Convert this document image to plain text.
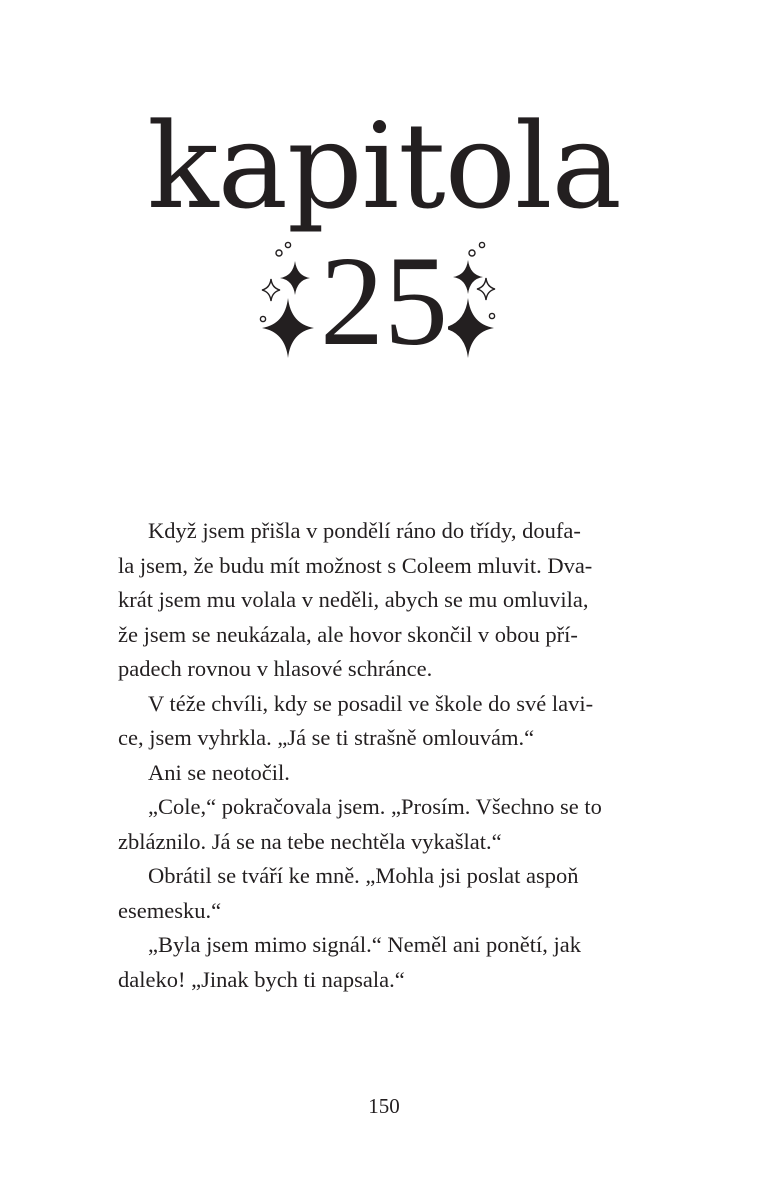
kapitola
25
Když jsem přišla v pondělí ráno do třídy, doufa-
la jsem, že budu mít možnost s Coleem mluvit. Dva-
krát jsem mu volala v neděli, abych se mu omluvila,
že jsem se neukázala, ale hovor skončil v obou pří-
padech rovnou v hlasové schránce.
V téže chvíli, kdy se posadil ve škole do své lavi-
ce, jsem vyhrkla. „Já se ti strašně omlouvám.“
Ani se neotočil.
„Cole,“ pokračovala jsem. „Prosím. Všechno se to
zbláznilo. Já se na tebe nechtěla vykašlat.“
Obrátil se tváří ke mně. „Mohla jsi poslat aspoň
esemesku.“
„Byla jsem mimo signál.“ Neměl ani ponětí, jak
daleko! „Jinak bych ti napsala.“
150
